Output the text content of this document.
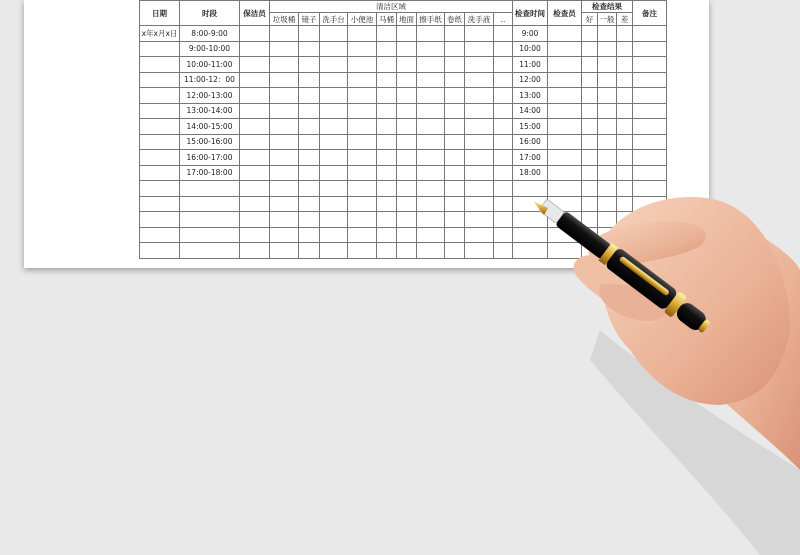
日期	时段	保洁员	清洁区域										检查时间	检查员	检查结果			备注
			垃圾桶	镜子	洗手台	小便池	马桶	地面	擦手纸	卷纸	洗手液	..			好	一般	差	
x年x月x日	8:00-9:00												9:00					
	9:00-10:00												10:00					
	10:00-11:00												11:00					
	11:00-12：00												12:00					
	12:00-13:00												13:00					
	13:00-14:00												14:00					
	14:00-15:00												15:00					
	15:00-16:00												16:00					
	16:00-17:00												17:00					
	17:00-18:00												18:00					
